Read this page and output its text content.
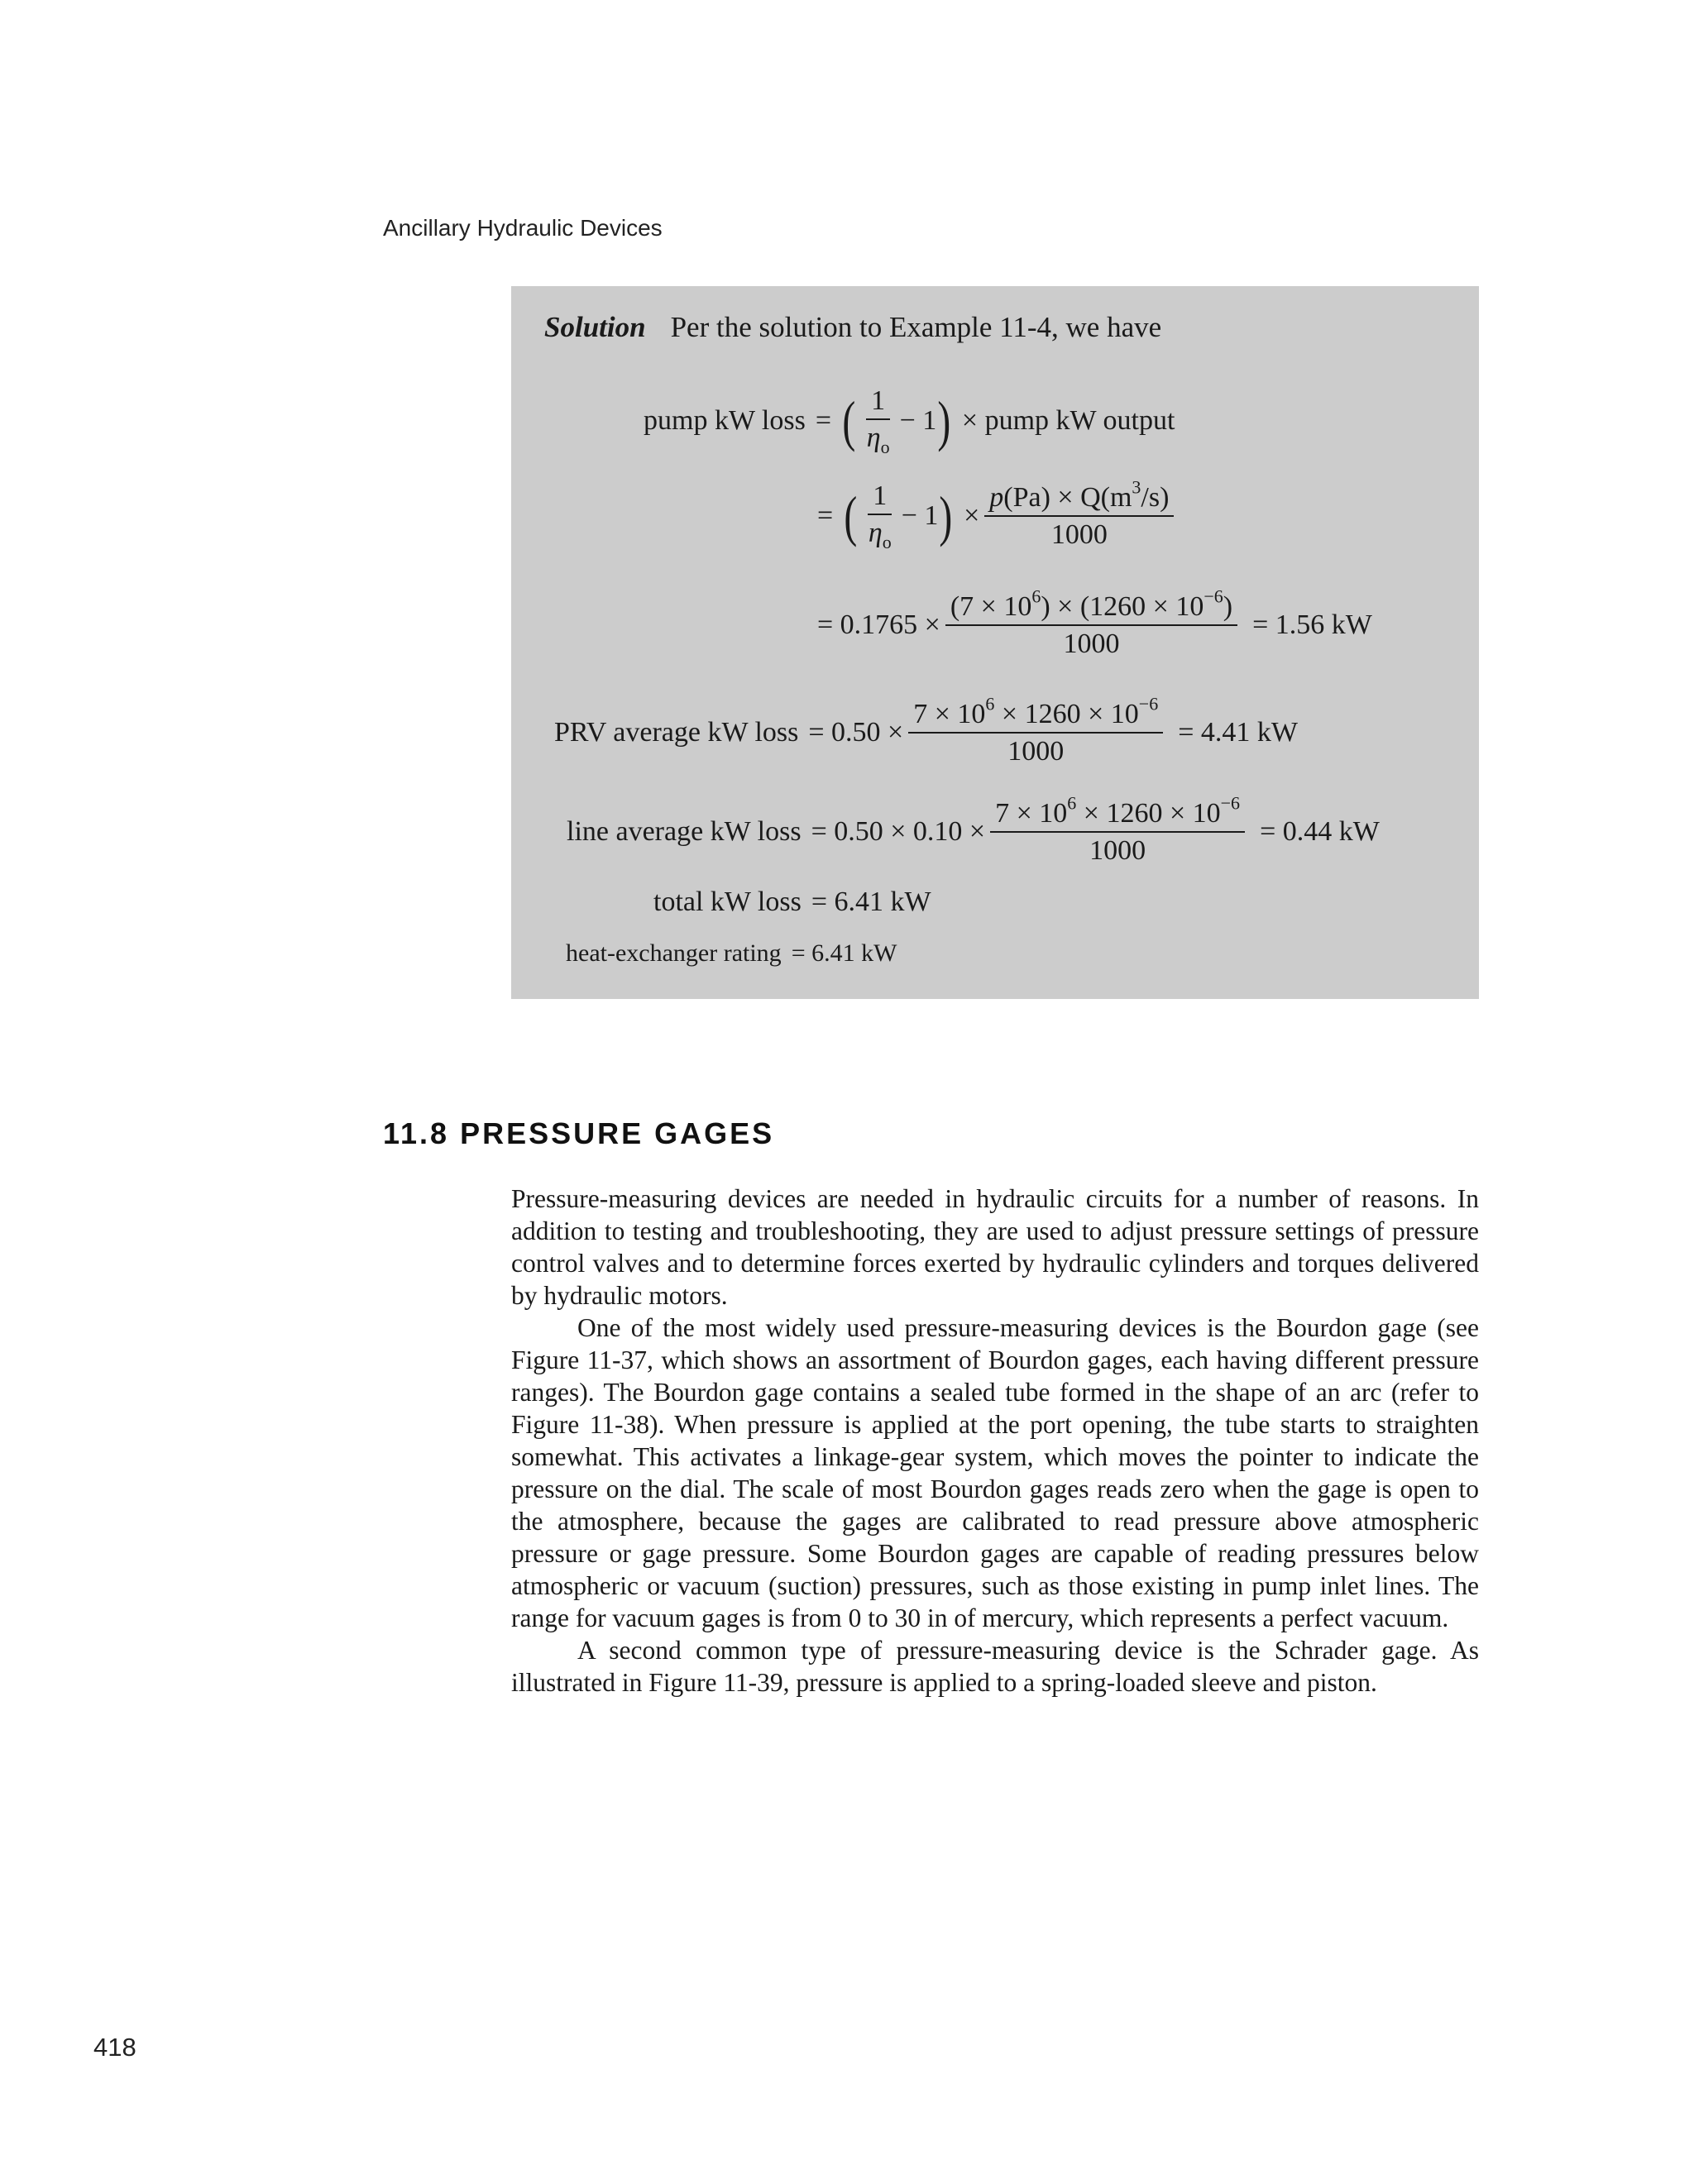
Ancillary Hydraulic Devices
Solution Per the solution to Example 11-4, we have
pump kW loss = ( $\frac{1}{\eta_o} - 1$ ) × pump kW output
= ( $\frac{1}{\eta_o} - 1$ ) × $\frac{p(Pa) \times Q(m^3/s)}{1000}$
= $0.1765 \times \frac{(7 \times 10^6) \times (1260 \times 10^{-6})}{1000} = 1.56$ kW
PRV average kW loss = $0.50 \times \frac{7 \times 10^6 \times 1260 \times 10^{-6}}{1000} = 4.41$ kW
line average kW loss = $0.50 \times 0.10 \times \frac{7 \times 10^6 \times 1260 \times 10^{-6}}{1000} = 0.44$ kW
total kW loss = 6.41 kW
heat-exchanger rating = 6.41 kW
11.8 PRESSURE GAGES

Pressure-measuring devices are needed in hydraulic circuits for a number of reasons. In addition to testing and troubleshooting, they are used to adjust pressure settings of pressure control valves and to determine forces exerted by hydraulic cylinders and torques delivered by hydraulic motors.

One of the most widely used pressure-measuring devices is the Bourdon gage (see Figure 11-37, which shows an assortment of Bourdon gages, each having different pressure ranges). The Bourdon gage contains a sealed tube formed in the shape of an arc (refer to Figure 11-38). When pressure is applied at the port opening, the tube starts to straighten somewhat. This activates a linkage-gear system, which moves the pointer to indicate the pressure on the dial. The scale of most Bourdon gages reads zero when the gage is open to the atmosphere, because the gages are calibrated to read pressure above atmospheric pressure or gage pressure. Some Bourdon gages are capable of reading pressures below atmospheric or vacuum (suction) pressures, such as those existing in pump inlet lines. The range for vacuum gages is from 0 to 30 in of mercury, which represents a perfect vacuum.

A second common type of pressure-measuring device is the Schrader gage. As illustrated in Figure 11-39, pressure is applied to a spring-loaded sleeve and piston.

418
